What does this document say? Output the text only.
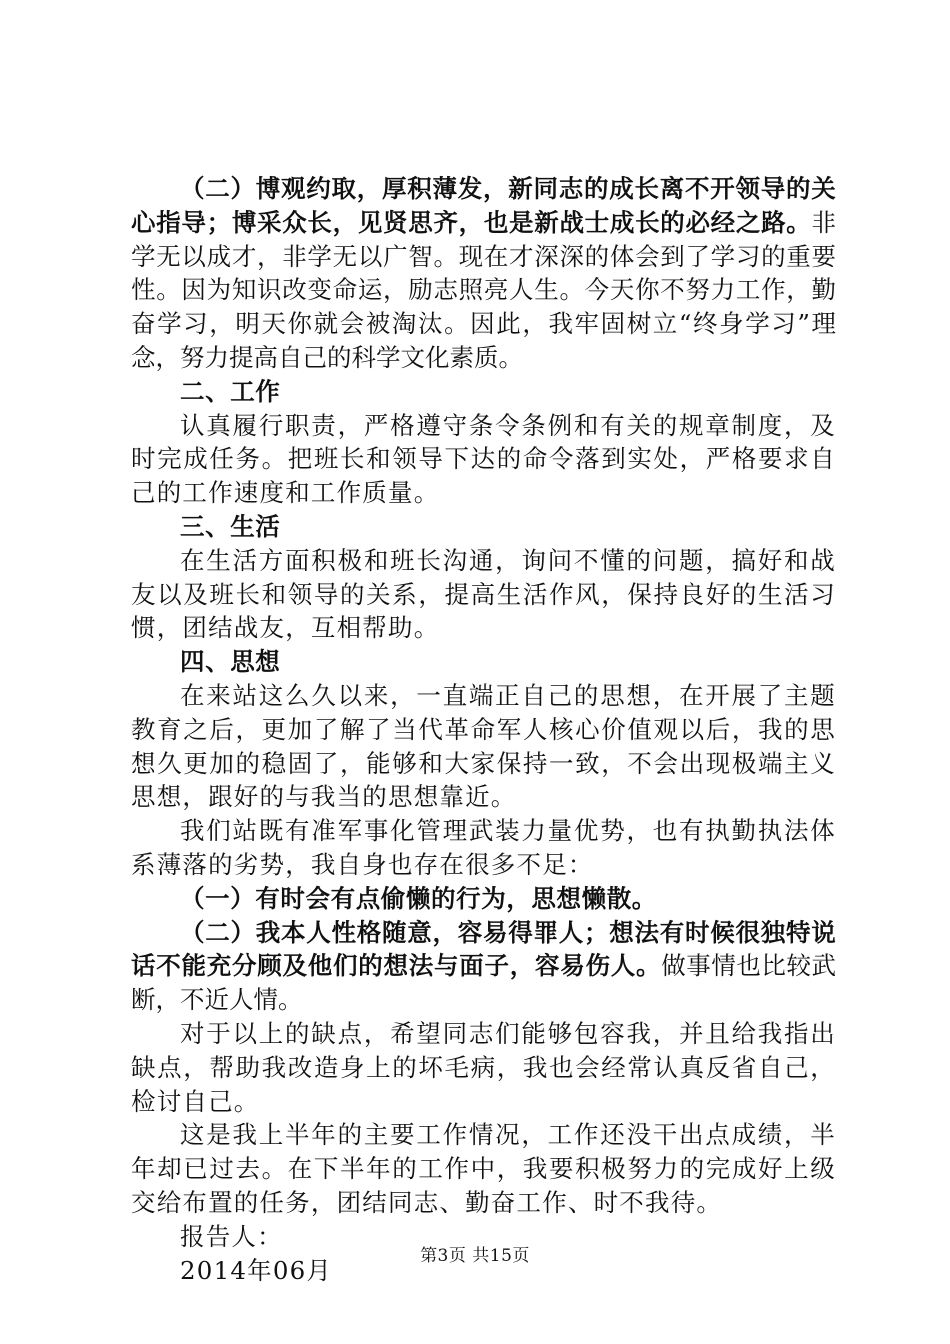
（二）博观约取，厚积薄发，新同志的成长离不开领导的关心指导；博采众长，见贤思齐，也是新战士成长的必经之路。非学无以成才，非学无以广智。现在才深深的体会到了学习的重要性。因为知识改变命运，励志照亮人生。今天你不努力工作，勤奋学习，明天你就会被淘汰。因此，我牢固树立“终身学习”理念，努力提高自己的科学文化素质。

二、工作

认真履行职责，严格遵守条令条例和有关的规章制度，及时完成任务。把班长和领导下达的命令落到实处，严格要求自己的工作速度和工作质量。

三、生活

在生活方面积极和班长沟通，询问不懂的问题，搞好和战友以及班长和领导的关系，提高生活作风，保持良好的生活习惯，团结战友，互相帮助。

四、思想

在来站这么久以来，一直端正自己的思想，在开展了主题教育之后，更加了解了当代革命军人核心价值观以后，我的思想久更加的稳固了，能够和大家保持一致，不会出现极端主义思想，跟好的与我当的思想靠近。

我们站既有准军事化管理武装力量优势，也有执勤执法体系薄落的劣势，我自身也存在很多不足：

（一）有时会有点偷懒的行为，思想懒散。

（二）我本人性格随意，容易得罪人；想法有时候很独特说话不能充分顾及他们的想法与面子，容易伤人。做事情也比较武断，不近人情。

对于以上的缺点，希望同志们能够包容我，并且给我指出缺点，帮助我改造身上的坏毛病，我也会经常认真反省自己，检讨自己。

这是我上半年的主要工作情况，工作还没干出点成绩，半年却已过去。在下半年的工作中，我要积极努力的完成好上级交给布置的任务，团结同志、勤奋工作、时不我待。

报告人：

2014年06月	第3页 共15页
